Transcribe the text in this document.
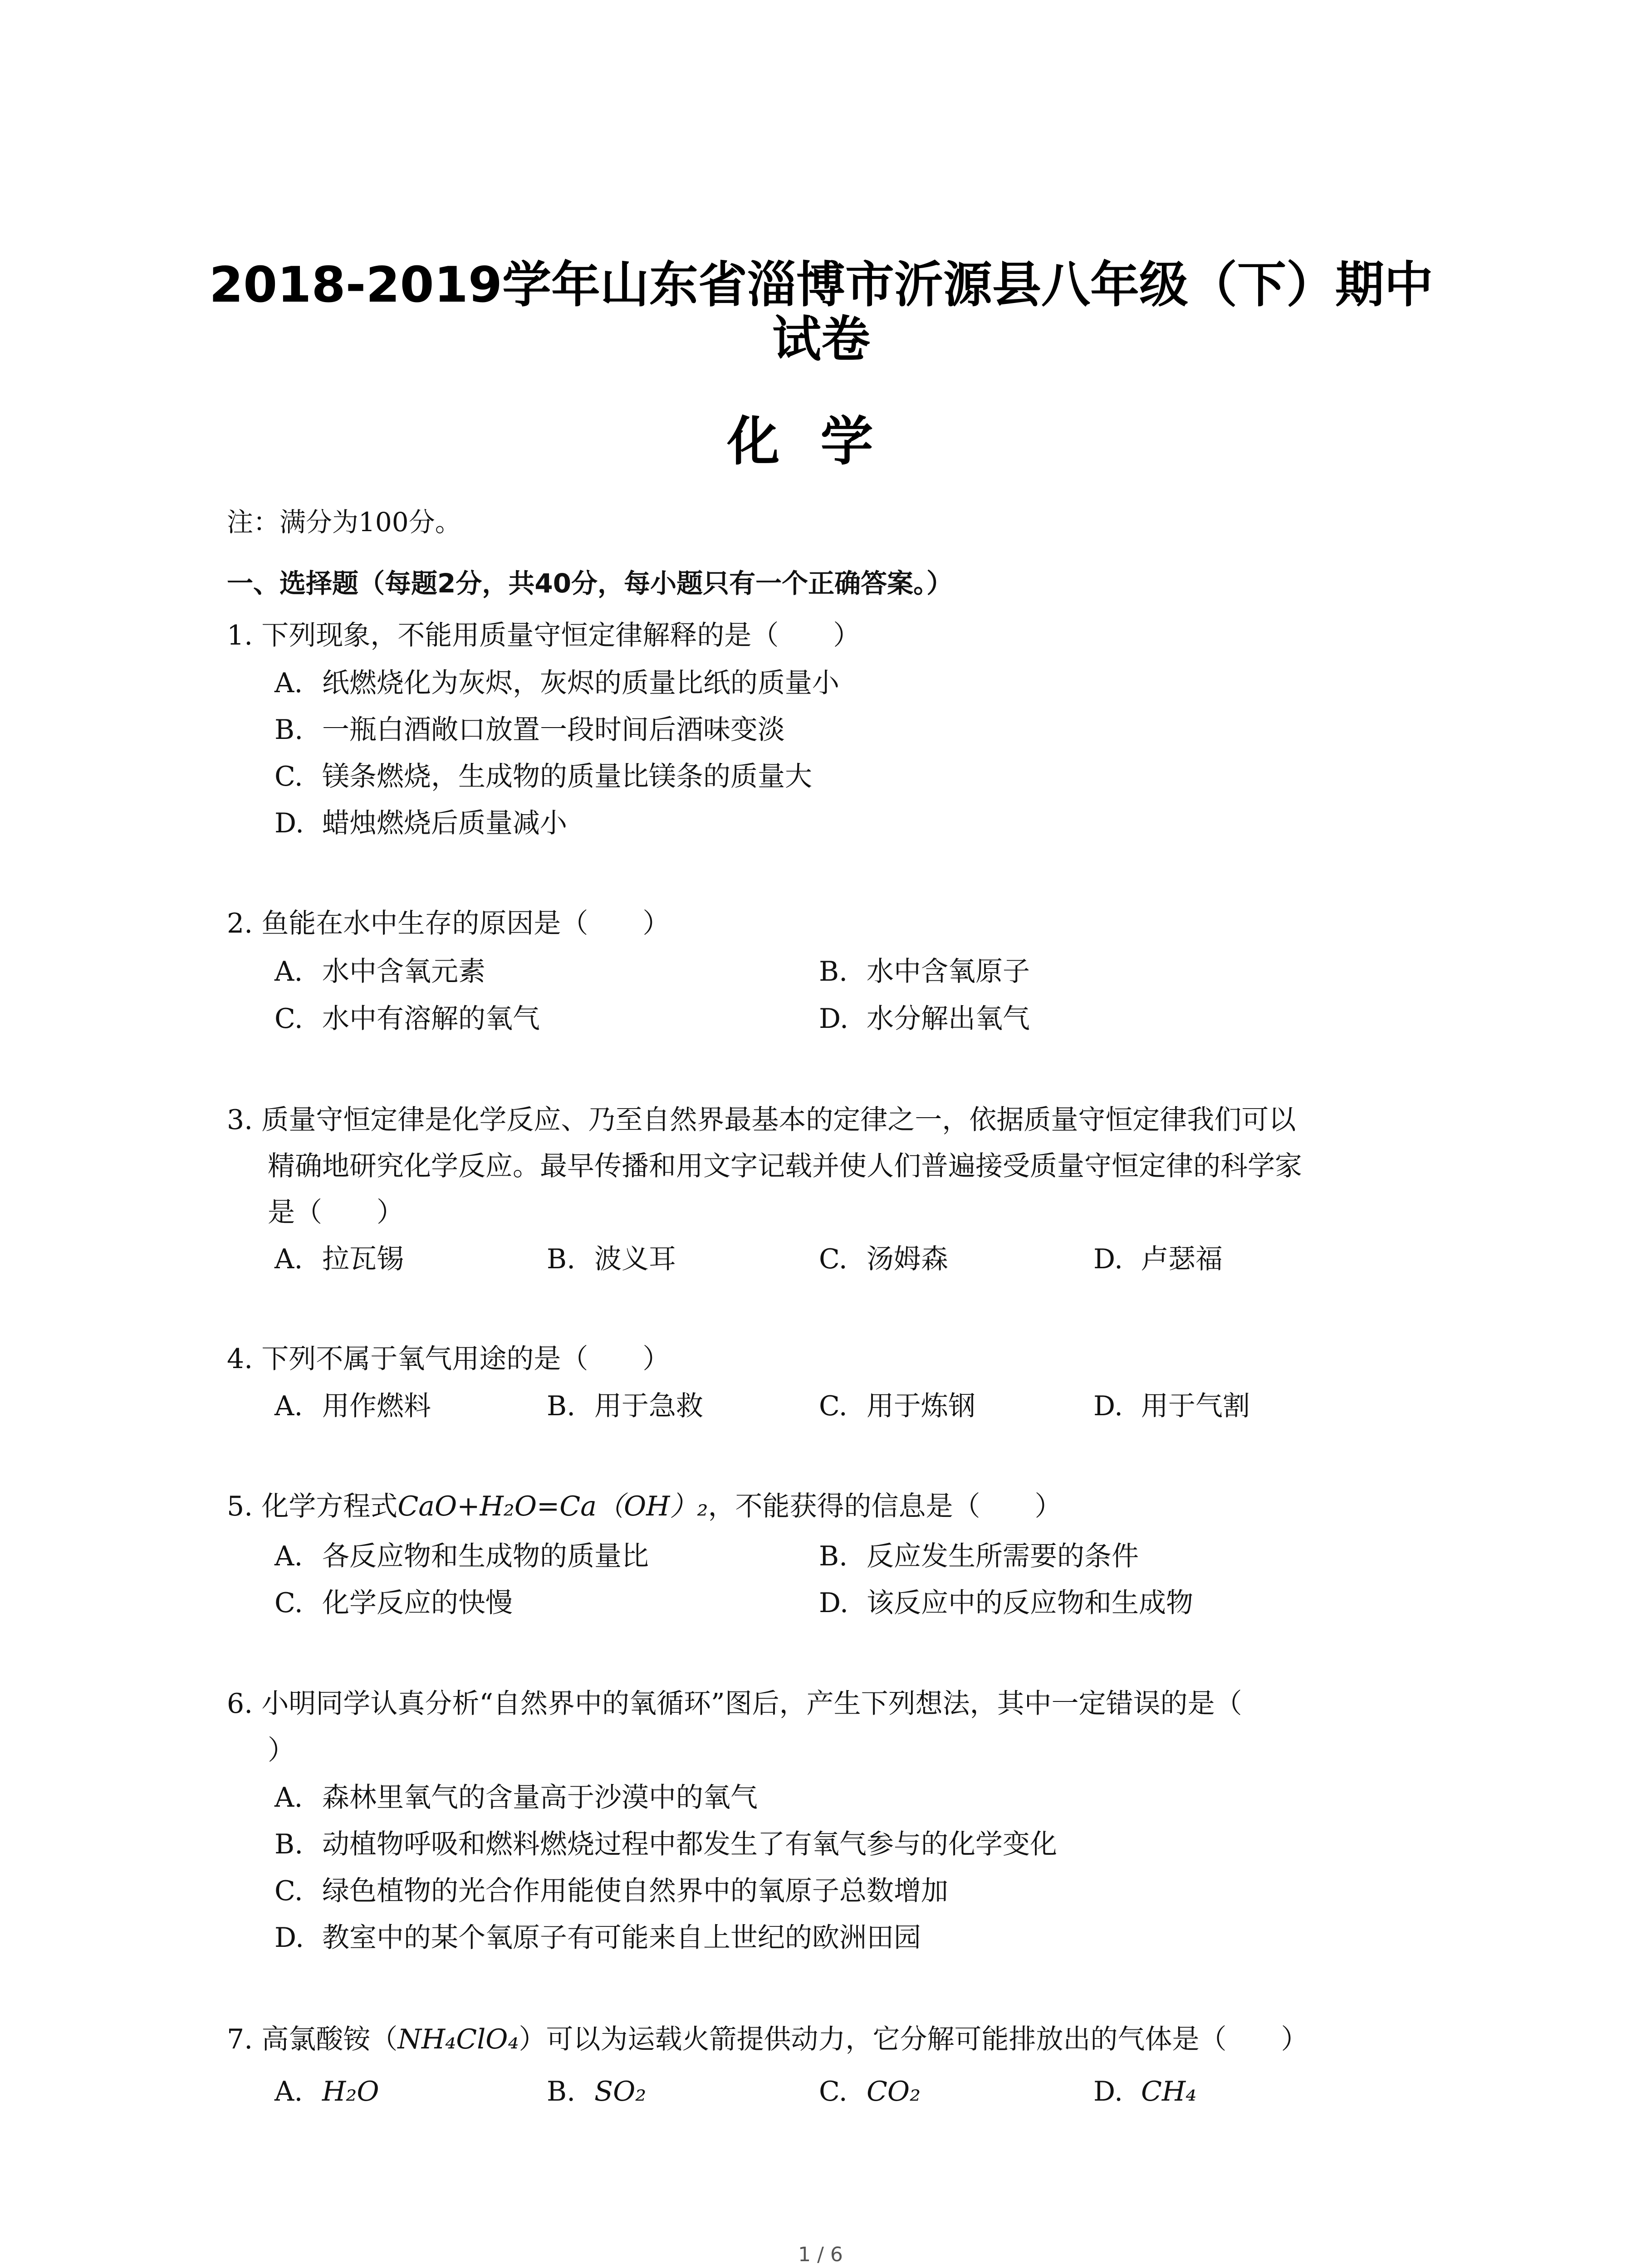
2018-2019学年山东省淄博市沂源县八年级（下）期中
试卷
化学
注：满分为100分。
一、选择题（每题2分，共40分，每小题只有一个正确答案。）
1. 下列现象，不能用质量守恒定律解释的是（　　）
A. 纸燃烧化为灰烬，灰烬的质量比纸的质量小
B. 一瓶白酒敞口放置一段时间后酒味变淡
C. 镁条燃烧，生成物的质量比镁条的质量大
D. 蜡烛燃烧后质量减小
2. 鱼能在水中生存的原因是（　　）
A. 水中含氧元素	B. 水中含氧原子
C. 水中有溶解的氧气	D. 水分解出氧气
3. 质量守恒定律是化学反应、乃至自然界最基本的定律之一，依据质量守恒定律我们可以
精确地研究化学反应。最早传播和用文字记载并使人们普遍接受质量守恒定律的科学家
是（　　）
A. 拉瓦锡	B. 波义耳	C. 汤姆森	D. 卢瑟福
4. 下列不属于氧气用途的是（　　）
A. 用作燃料	B. 用于急救	C. 用于炼钢	D. 用于气割
5. 化学方程式CaO+H₂O=Ca（OH）₂，不能获得的信息是（　　）
A. 各反应物和生成物的质量比	B. 反应发生所需要的条件
C. 化学反应的快慢	D. 该反应中的反应物和生成物
6. 小明同学认真分析“自然界中的氧循环”图后，产生下列想法，其中一定错误的是（
）
A. 森林里氧气的含量高于沙漠中的氧气
B. 动植物呼吸和燃料燃烧过程中都发生了有氧气参与的化学变化
C. 绿色植物的光合作用能使自然界中的氧原子总数增加
D. 教室中的某个氧原子有可能来自上世纪的欧洲田园
7. 高氯酸铵（NH₄ClO₄）可以为运载火箭提供动力，它分解可能排放出的气体是（　　）
A. H₂O	B. SO₂	C. CO₂	D. CH₄
1 / 6
